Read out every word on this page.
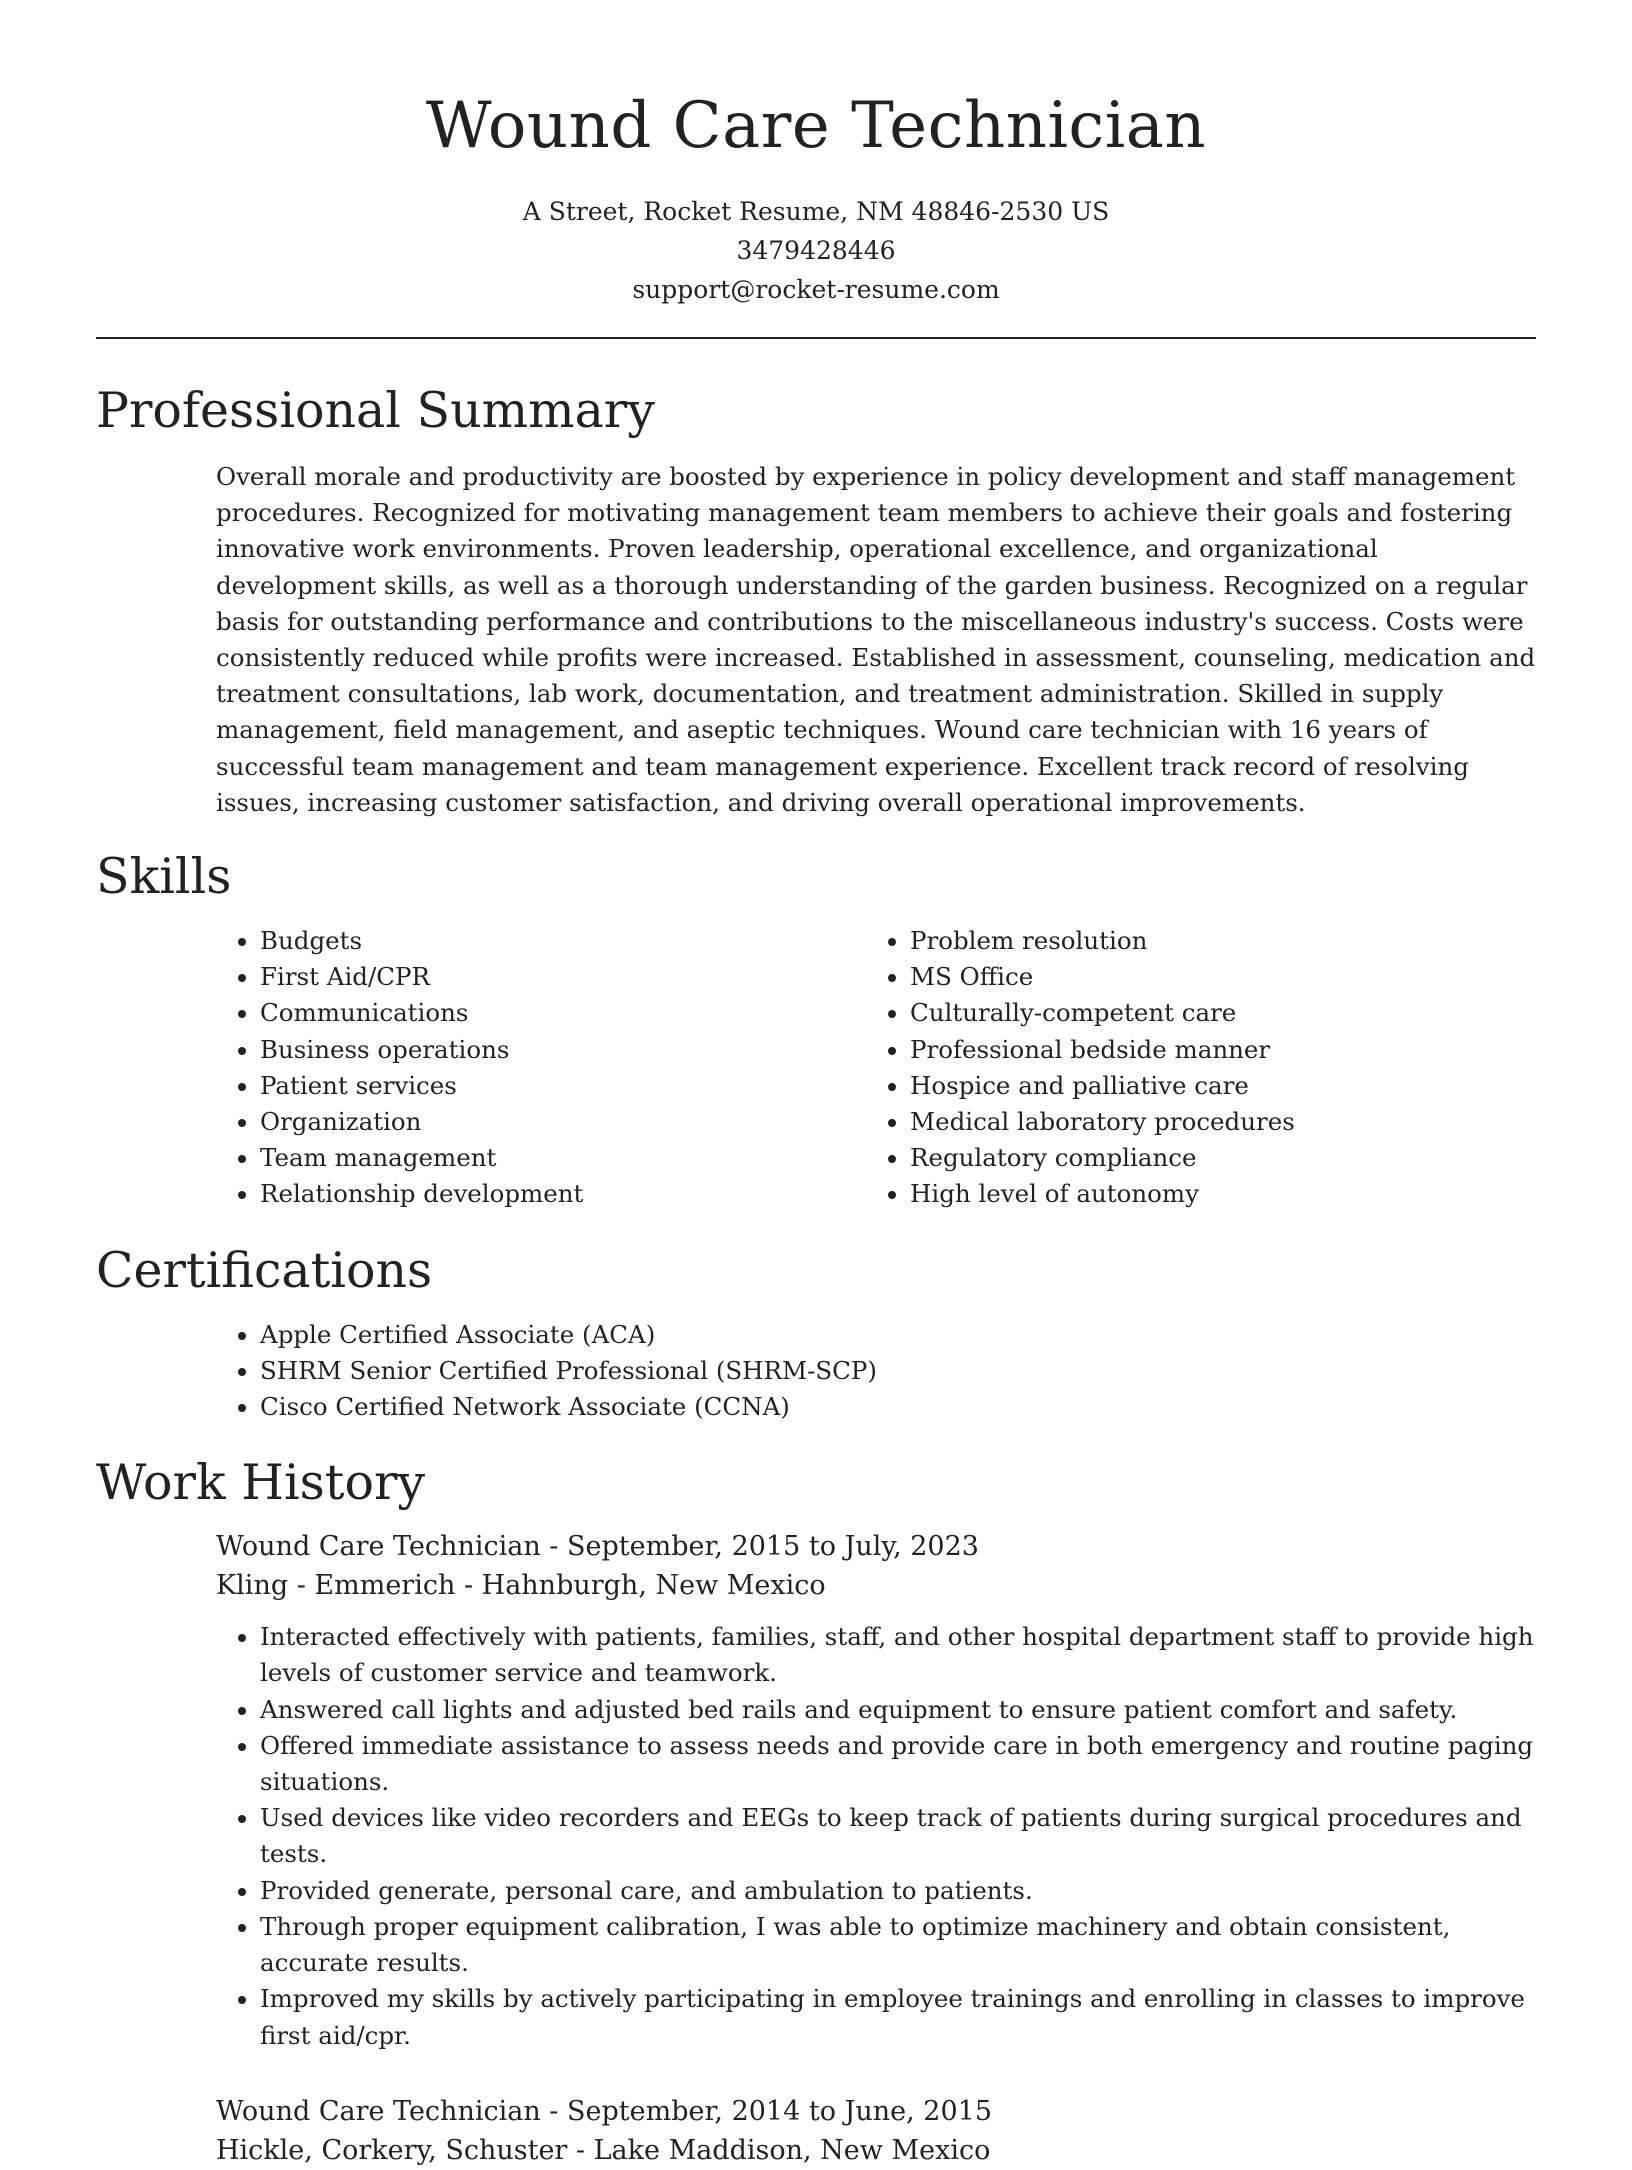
Wound Care Technician
A Street, Rocket Resume, NM 48846-2530 US
3479428446
support@rocket-resume.com
Professional Summary

Overall morale and productivity are boosted by experience in policy development and staff management procedures. Recognized for motivating management team members to achieve their goals and fostering innovative work environments. Proven leadership, operational excellence, and organizational development skills, as well as a thorough understanding of the garden business. Recognized on a regular basis for outstanding performance and contributions to the miscellaneous industry's success. Costs were consistently reduced while profits were increased. Established in assessment, counseling, medication and treatment consultations, lab work, documentation, and treatment administration. Skilled in supply management, field management, and aseptic techniques. Wound care technician with 16 years of successful team management and team management experience. Excellent track record of resolving issues, increasing customer satisfaction, and driving overall operational improvements.

Skills
• Budgets
• First Aid/CPR
• Communications
• Business operations
• Patient services
• Organization
• Team management
• Relationship development
• Problem resolution
• MS Office
• Culturally-competent care
• Professional bedside manner
• Hospice and palliative care
• Medical laboratory procedures
• Regulatory compliance
• High level of autonomy
Certifications
• Apple Certified Associate (ACA)
• SHRM Senior Certified Professional (SHRM-SCP)
• Cisco Certified Network Associate (CCNA)
Work History
Wound Care Technician - September, 2015 to July, 2023
Kling - Emmerich - Hahnburgh, New Mexico
• Interacted effectively with patients, families, staff, and other hospital department staff to provide high levels of customer service and teamwork.
• Answered call lights and adjusted bed rails and equipment to ensure patient comfort and safety.
• Offered immediate assistance to assess needs and provide care in both emergency and routine paging situations.
• Used devices like video recorders and EEGs to keep track of patients during surgical procedures and tests.
• Provided generate, personal care, and ambulation to patients.
• Through proper equipment calibration, I was able to optimize machinery and obtain consistent, accurate results.
• Improved my skills by actively participating in employee trainings and enrolling in classes to improve first aid/cpr.
Wound Care Technician - September, 2014 to June, 2015
Hickle, Corkery, Schuster - Lake Maddison, New Mexico
